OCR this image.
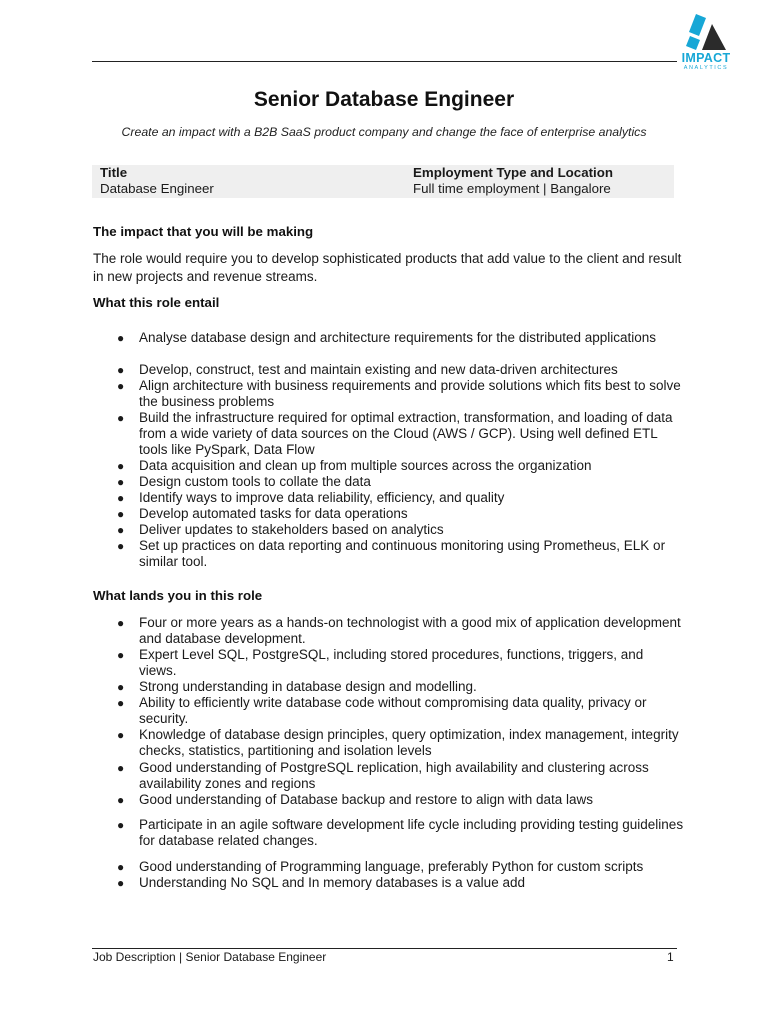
IMPACT
ANALYTICS
Senior Database Engineer
Create an impact with a B2B SaaS product company and change the face of enterprise analytics
Title
Database Engineer
Employment Type and Location
Full time employment | Bangalore
The impact that you will be making
The role would require you to develop sophisticated products that add value to the client and result in new projects and revenue streams.
What this role entail
● Analyse database design and architecture requirements for the distributed applications
● Develop, construct, test and maintain existing and new data-driven architectures
● Align architecture with business requirements and provide solutions which fits best to solve the business problems
● Build the infrastructure required for optimal extraction, transformation, and loading of data from a wide variety of data sources on the Cloud (AWS / GCP). Using well defined ETL tools like PySpark, Data Flow
● Data acquisition and clean up from multiple sources across the organization
● Design custom tools to collate the data
● Identify ways to improve data reliability, efficiency, and quality
● Develop automated tasks for data operations
● Deliver updates to stakeholders based on analytics
● Set up practices on data reporting and continuous monitoring using Prometheus, ELK or similar tool.
What lands you in this role
● Four or more years as a hands-on technologist with a good mix of application development and database development.
● Expert Level SQL, PostgreSQL, including stored procedures, functions, triggers, and views.
● Strong understanding in database design and modelling.
● Ability to efficiently write database code without compromising data quality, privacy or security.
● Knowledge of database design principles, query optimization, index management, integrity checks, statistics, partitioning and isolation levels
● Good understanding of PostgreSQL replication, high availability and clustering across availability zones and regions
● Good understanding of Database backup and restore to align with data laws
● Participate in an agile software development life cycle including providing testing guidelines for database related changes.
● Good understanding of Programming language, preferably Python for custom scripts
● Understanding No SQL and In memory databases is a value add
Job Description | Senior Database Engineer	1
